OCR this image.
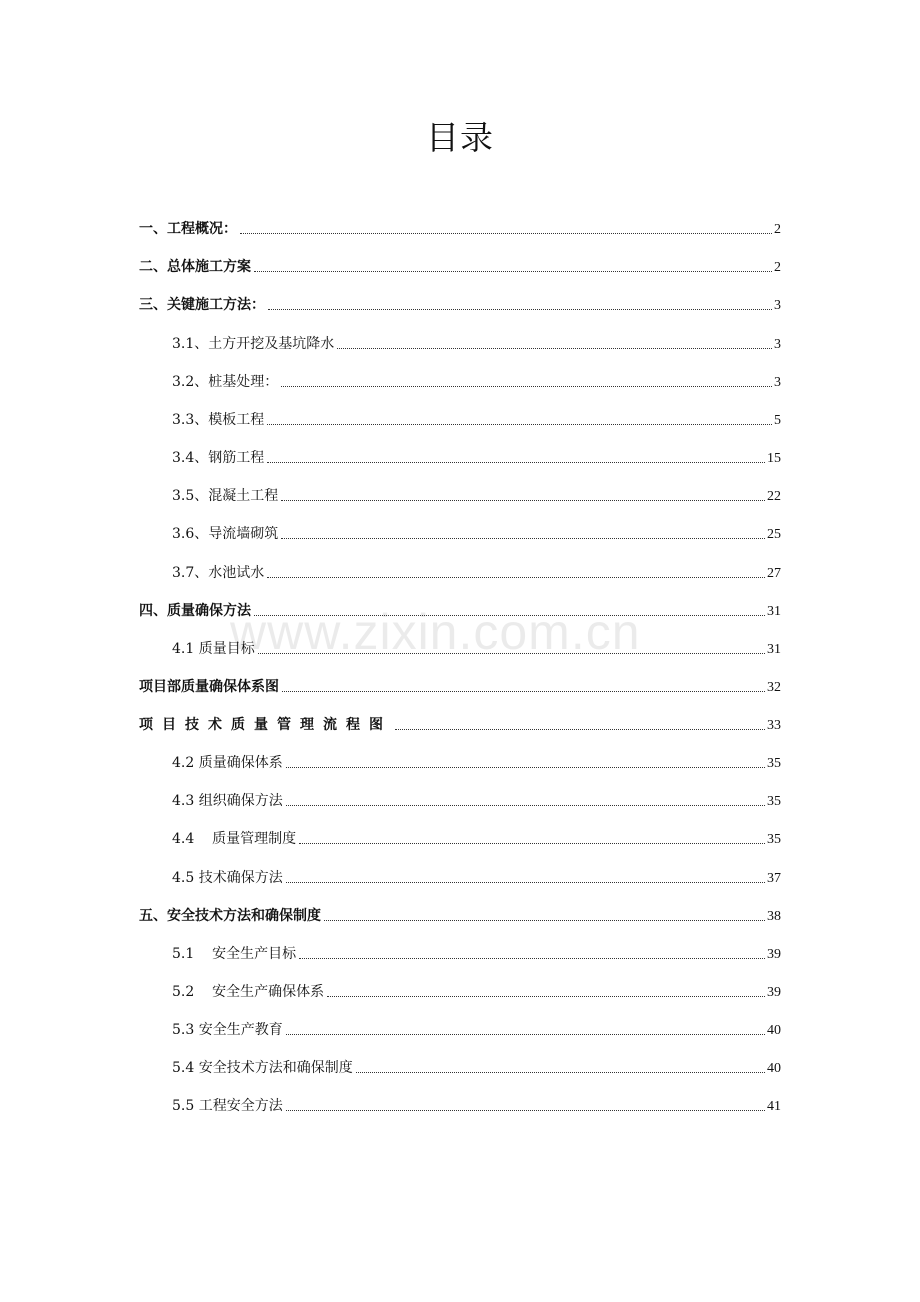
目录
www.zixin.com.cn
一、工程概况：	2
二、总体施工方案	2
三、关键施工方法：	3
3.1、土方开挖及基坑降水	3
3.2、桩基处理：	3
3.3、模板工程	5
3.4、钢筋工程	15
3.5、混凝土工程	22
3.6、导流墙砌筑	25
3.7、水池试水	27
四、质量确保方法	31
4.1 质量目标	31
项目部质量确保体系图	32
项目技术质量管理流程图	33
4.2 质量确保体系	35
4.3 组织确保方法	35
4.4    质量管理制度	35
4.5 技术确保方法	37
五、安全技术方法和确保制度	38
5.1    安全生产目标	39
5.2    安全生产确保体系	39
5.3 安全生产教育	40
5.4 安全技术方法和确保制度	40
5.5 工程安全方法	41
